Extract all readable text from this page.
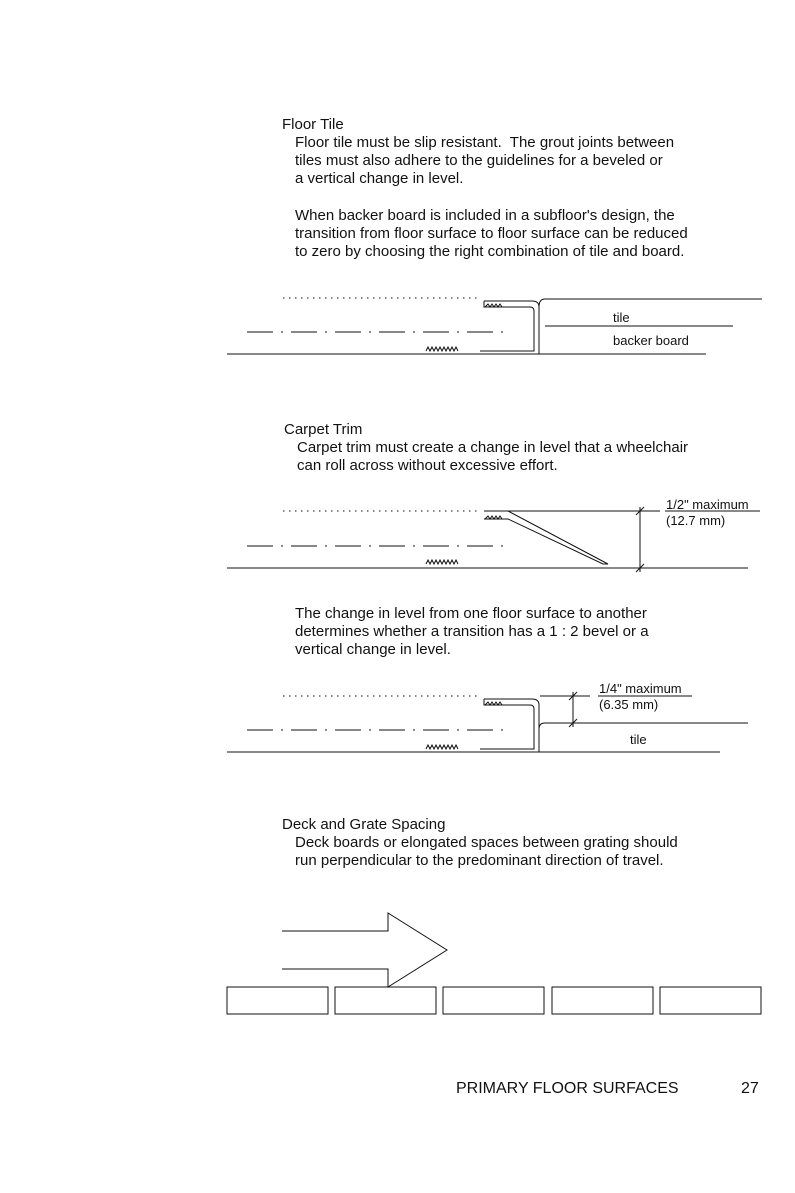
Floor Tile
Floor tile must be slip resistant.  The grout joints between
tiles must also adhere to the guidelines for a beveled or
a vertical change in level.
When backer board is included in a subfloor's design, the
transition from floor surface to floor surface can be reduced
to zero by choosing the right combination of tile and board.
tile
backer board
Carpet Trim
Carpet trim must create a change in level that a wheelchair
can roll across without excessive effort.
1/2" maximum
(12.7 mm)
The change in level from one floor surface to another
determines whether a transition has a 1 : 2 bevel or a
vertical change in level.
1/4" maximum
(6.35 mm)
tile
Deck and Grate Spacing
Deck boards or elongated spaces between grating should
run perpendicular to the predominant direction of travel.
PRIMARY FLOOR SURFACES	27
